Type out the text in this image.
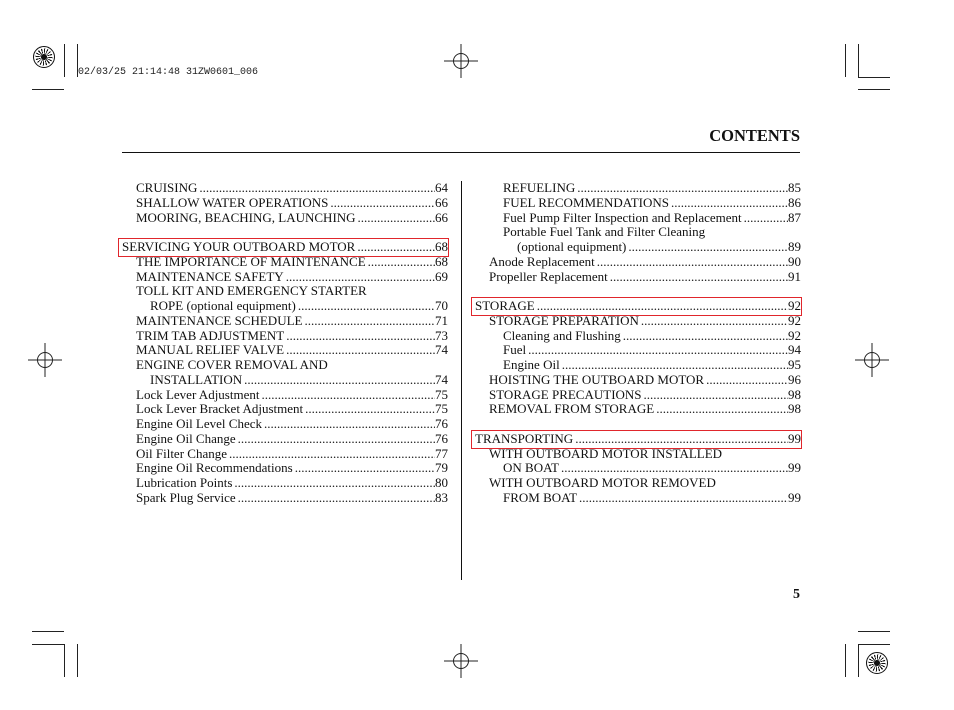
02/03/25 21:14:48 31ZW0601_006
CONTENTS
CRUISING .....	64
SHALLOW WATER OPERATIONS .....	66
MOORING, BEACHING, LAUNCHING .....	66
SERVICING YOUR OUTBOARD MOTOR .....	68
THE IMPORTANCE OF MAINTENANCE .....	68
MAINTENANCE SAFETY .....	69
TOLL KIT AND EMERGENCY STARTER
ROPE (optional equipment) .....	70
MAINTENANCE SCHEDULE .....	71
TRIM TAB ADJUSTMENT .....	73
MANUAL RELIEF VALVE .....	74
ENGINE COVER REMOVAL AND
INSTALLATION .....	74
Lock Lever Adjustment .....	75
Lock Lever Bracket Adjustment .....	75
Engine Oil Level Check .....	76
Engine Oil Change .....	76
Oil Filter Change .....	77
Engine Oil Recommendations .....	79
Lubrication Points .....	80
Spark Plug Service .....	83
REFUELING .....	85
FUEL RECOMMENDATIONS .....	86
Fuel Pump Filter Inspection and Replacement .....	87
Portable Fuel Tank and Filter Cleaning
(optional equipment) .....	89
Anode Replacement .....	90
Propeller Replacement .....	91
STORAGE .....	92
STORAGE PREPARATION .....	92
Cleaning and Flushing .....	92
Fuel .....	94
Engine Oil .....	95
HOISTING THE OUTBOARD MOTOR .....	96
STORAGE PRECAUTIONS .....	98
REMOVAL FROM STORAGE .....	98
TRANSPORTING .....	99
WITH OUTBOARD MOTOR INSTALLED
ON BOAT .....	99
WITH OUTBOARD MOTOR REMOVED
FROM BOAT .....	99
5
